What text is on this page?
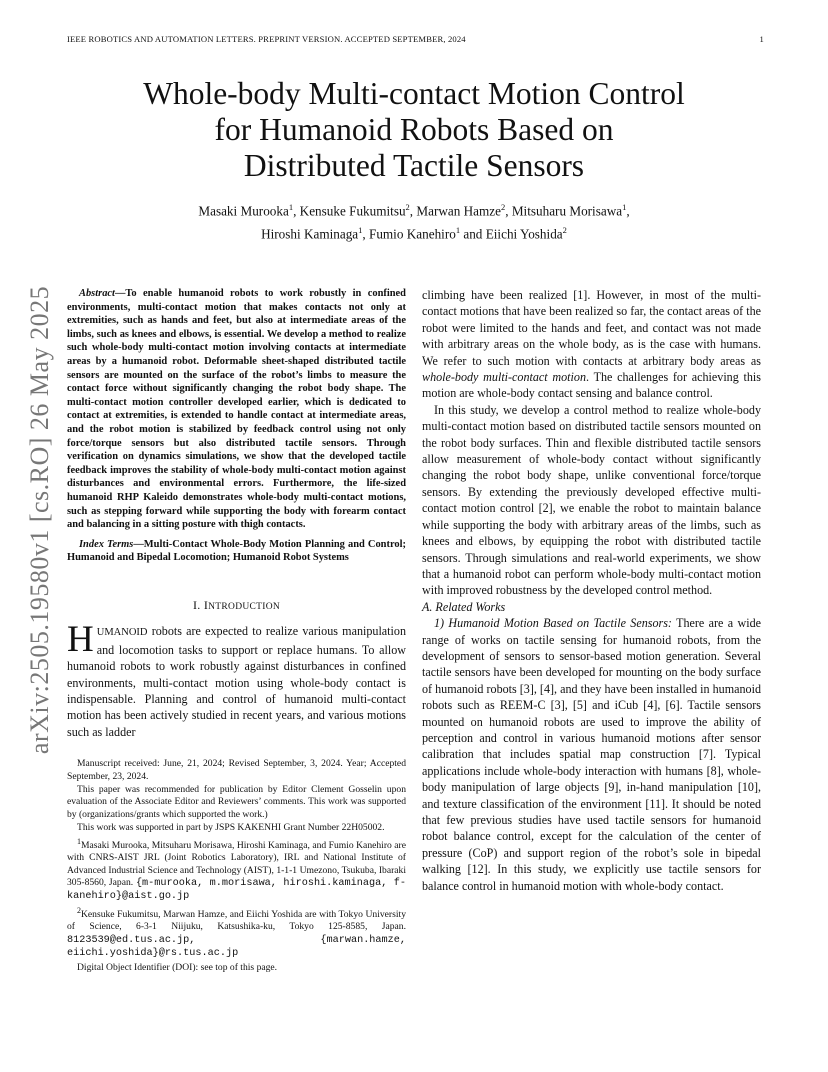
IEEE ROBOTICS AND AUTOMATION LETTERS. PREPRINT VERSION. ACCEPTED SEPTEMBER, 2024	1
arXiv:2505.19580v1 [cs.RO] 26 May 2025
Whole-body Multi-contact Motion Control
for Humanoid Robots Based on
Distributed Tactile Sensors
Masaki Murooka$^1$, Kensuke Fukumitsu$^2$, Marwan Hamze$^2$, Mitsuharu Morisawa$^1$,
Hiroshi Kaminaga$^1$, Fumio Kanehiro$^1$ and Eiichi Yoshida$^2$
Abstract—To enable humanoid robots to work robustly in confined environments, multi-contact motion that makes contacts not only at extremities, such as hands and feet, but also at intermediate areas of the limbs, such as knees and elbows, is essential. We develop a method to realize such whole-body multi-contact motion involving contacts at intermediate areas by a humanoid robot. Deformable sheet-shaped distributed tactile sensors are mounted on the surface of the robot’s limbs to measure the contact force without significantly changing the robot body shape. The multi-contact motion controller developed earlier, which is dedicated to contact at extremities, is extended to handle contact at intermediate areas, and the robot motion is stabilized by feedback control using not only force/torque sensors but also distributed tactile sensors. Through verification on dynamics simulations, we show that the developed tactile feedback improves the stability of whole-body multi-contact motion against disturbances and environmental errors. Furthermore, the life-sized humanoid RHP Kaleido demonstrates whole-body multi-contact motions, such as stepping forward while supporting the body with forearm contact and balancing in a sitting posture with thigh contacts.
Index Terms—Multi-Contact Whole-Body Motion Planning and Control; Humanoid and Bipedal Locomotion; Humanoid Robot Systems
I. INTRODUCTION
HUMANOID robots are expected to realize various manipulation and locomotion tasks to support or replace humans. To allow humanoid robots to work robustly against disturbances in confined environments, multi-contact motion using whole-body contact is indispensable. Planning and control of humanoid multi-contact motion has been actively studied in recent years, and various motions such as ladder

Manuscript received: June, 21, 2024; Revised September, 3, 2024. Year; Accepted September, 23, 2024.

This paper was recommended for publication by Editor Clement Gosselin upon evaluation of the Associate Editor and Reviewers’ comments. This work was supported by (organizations/grants which supported the work.)

This work was supported in part by JSPS KAKENHI Grant Number 22H05002.

$^1$Masaki Murooka, Mitsuharu Morisawa, Hiroshi Kaminaga, and Fumio Kanehiro are with CNRS-AIST JRL (Joint Robotics Laboratory), IRL and National Institute of Advanced Industrial Science and Technology (AIST), 1-1-1 Umezono, Tsukuba, Ibaraki 305-8560, Japan. {m-murooka, m.morisawa, hiroshi.kaminaga, f-kanehiro}@aist.go.jp

$^2$Kensuke Fukumitsu, Marwan Hamze, and Eiichi Yoshida are with Tokyo University of Science, 6-3-1 Niijuku, Katsushika-ku, Tokyo 125-8585, Japan. 8123539@ed.tus.ac.jp, {marwan.hamze, eiichi.yoshida}@rs.tus.ac.jp

Digital Object Identifier (DOI): see top of this page.

climbing have been realized [1]. However, in most of the multi-contact motions that have been realized so far, the contact areas of the robot were limited to the hands and feet, and contact was not made with arbitrary areas on the whole body, as is the case with humans. We refer to such motion with contacts at arbitrary body areas as whole-body multi-contact motion. The challenges for achieving this motion are whole-body contact sensing and balance control.

In this study, we develop a control method to realize whole-body multi-contact motion based on distributed tactile sensors mounted on the robot body surfaces. Thin and flexible distributed tactile sensors allow measurement of whole-body contact without significantly changing the robot body shape, unlike conventional force/torque sensors. By extending the previously developed effective multi-contact motion control [2], we enable the robot to maintain balance while supporting the body with arbitrary areas of the limbs, such as knees and elbows, by equipping the robot with distributed tactile sensors. Through simulations and real-world experiments, we show that a humanoid robot can perform whole-body multi-contact motion with improved robustness by the developed control method.

A. Related Works

1) Humanoid Motion Based on Tactile Sensors: There are a wide range of works on tactile sensing for humanoid robots, from the development of sensors to sensor-based motion generation. Several tactile sensors have been developed for mounting on the body surface of humanoid robots [3], [4], and they have been installed in humanoid robots such as REEM-C [3], [5] and iCub [4], [6]. Tactile sensors mounted on humanoid robots are used to improve the ability of perception and control in various humanoid motions after sensor calibration that includes spatial map construction [7]. Typical applications include whole-body interaction with humans [8], whole-body manipulation of large objects [9], in-hand manipulation [10], and texture classification of the environment [11]. It should be noted that few previous studies have used tactile sensors for humanoid robot balance control, except for the calculation of the center of pressure (CoP) and support region of the robot’s sole in bipedal walking [12]. In this study, we explicitly use tactile sensors for balance control in humanoid motion with whole-body contact.
